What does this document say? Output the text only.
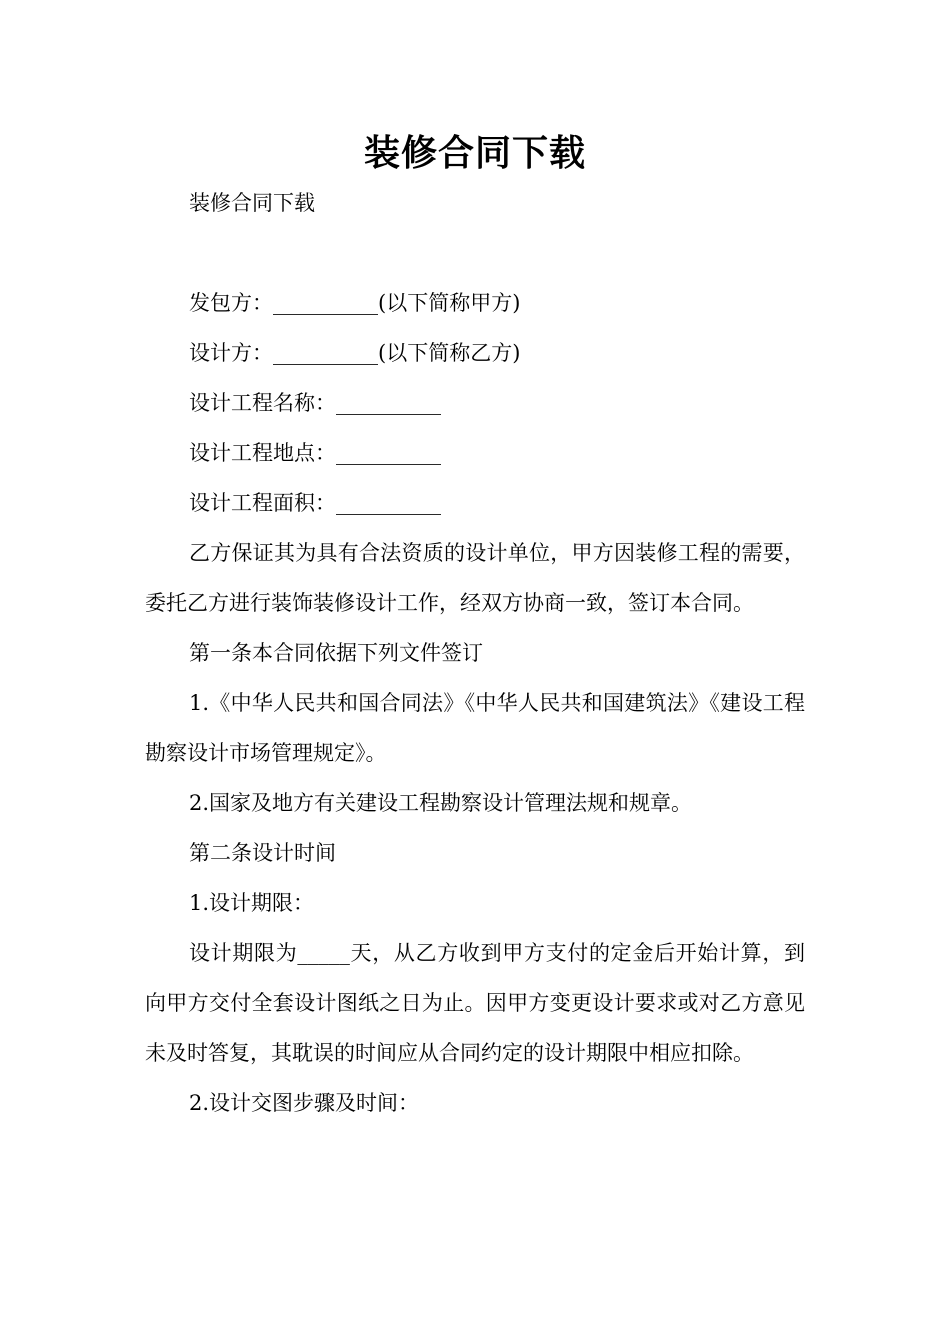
装修合同下载

装修合同下载

发包方：__________(以下简称甲方)

设计方：__________(以下简称乙方)

设计工程名称：__________

设计工程地点：__________

设计工程面积：__________

乙方保证其为具有合法资质的设计单位，甲方因装修工程的需要，委托乙方进行装饰装修设计工作，经双方协商一致，签订本合同。

第一条本合同依据下列文件签订

1.《中华人民共和国合同法》《中华人民共和国建筑法》《建设工程勘察设计市场管理规定》。

2.国家及地方有关建设工程勘察设计管理法规和规章。

第二条设计时间

1.设计期限：

设计期限为_____天，从乙方收到甲方支付的定金后开始计算，到向甲方交付全套设计图纸之日为止。因甲方变更设计要求或对乙方意见未及时答复，其耽误的时间应从合同约定的设计期限中相应扣除。

2.设计交图步骤及时间：
